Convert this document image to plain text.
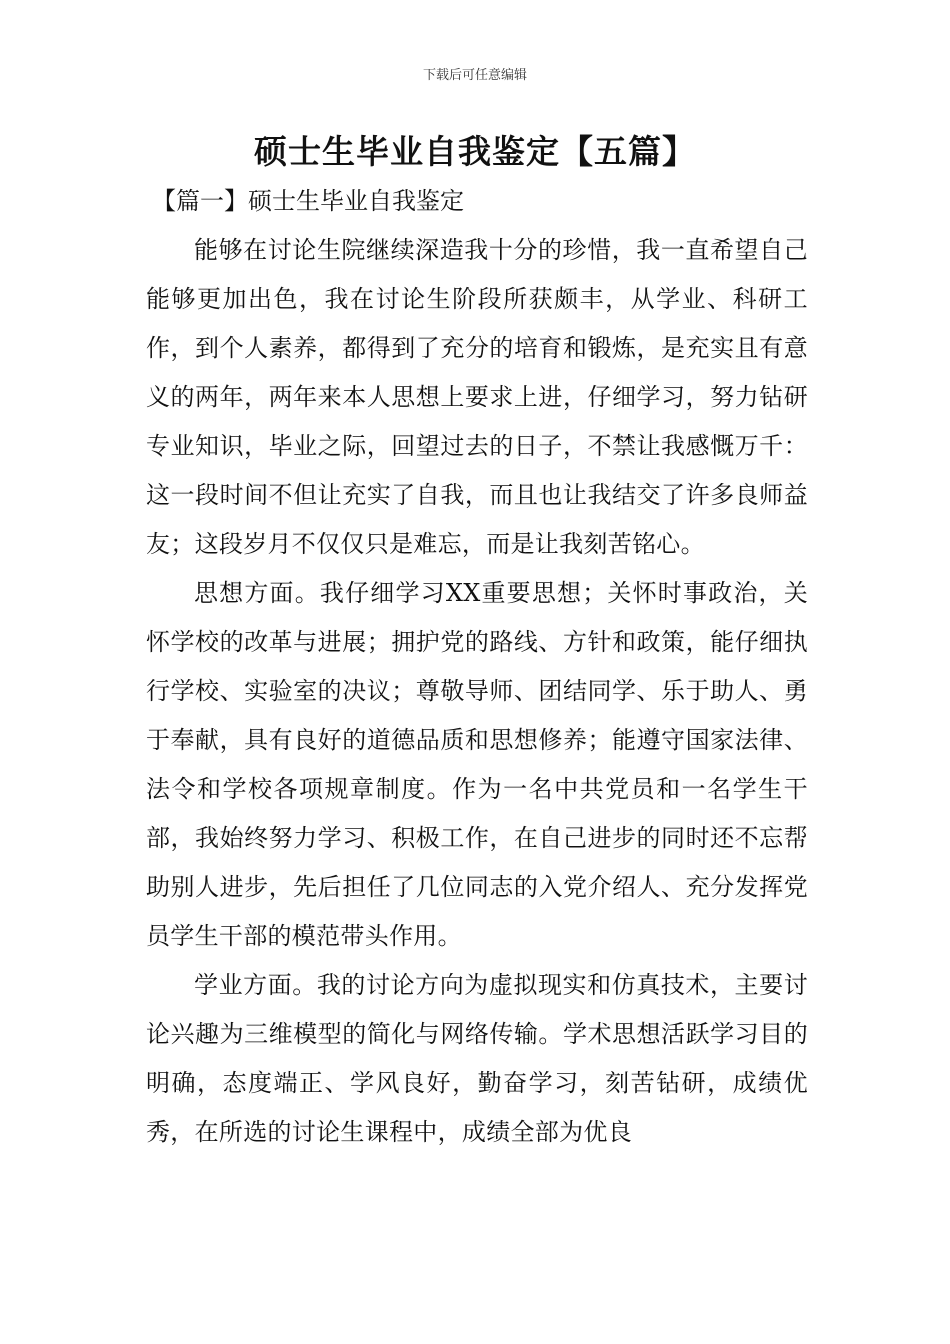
下载后可任意编辑
硕士生毕业自我鉴定【五篇】
【篇一】硕士生毕业自我鉴定

能够在讨论生院继续深造我十分的珍惜，我一直希望自己能够更加出色，我在讨论生阶段所获颇丰，从学业、科研工作，到个人素养，都得到了充分的培育和锻炼，是充实且有意义的两年，两年来本人思想上要求上进，仔细学习，努力钻研专业知识，毕业之际，回望过去的日子，不禁让我感慨万千：这一段时间不但让充实了自我，而且也让我结交了许多良师益友；这段岁月不仅仅只是难忘，而是让我刻苦铭心。

思想方面。我仔细学习XX重要思想；关怀时事政治，关怀学校的改革与进展；拥护党的路线、方针和政策，能仔细执行学校、实验室的决议；尊敬导师、团结同学、乐于助人、勇于奉献，具有良好的道德品质和思想修养；能遵守国家法律、法令和学校各项规章制度。作为一名中共党员和一名学生干部，我始终努力学习、积极工作，在自己进步的同时还不忘帮助别人进步，先后担任了几位同志的入党介绍人、充分发挥党员学生干部的模范带头作用。

学业方面。我的讨论方向为虚拟现实和仿真技术，主要讨论兴趣为三维模型的简化与网络传输。学术思想活跃学习目的明确，态度端正、学风良好，勤奋学习，刻苦钻研，成绩优秀，在所选的讨论生课程中，成绩全部为优良
